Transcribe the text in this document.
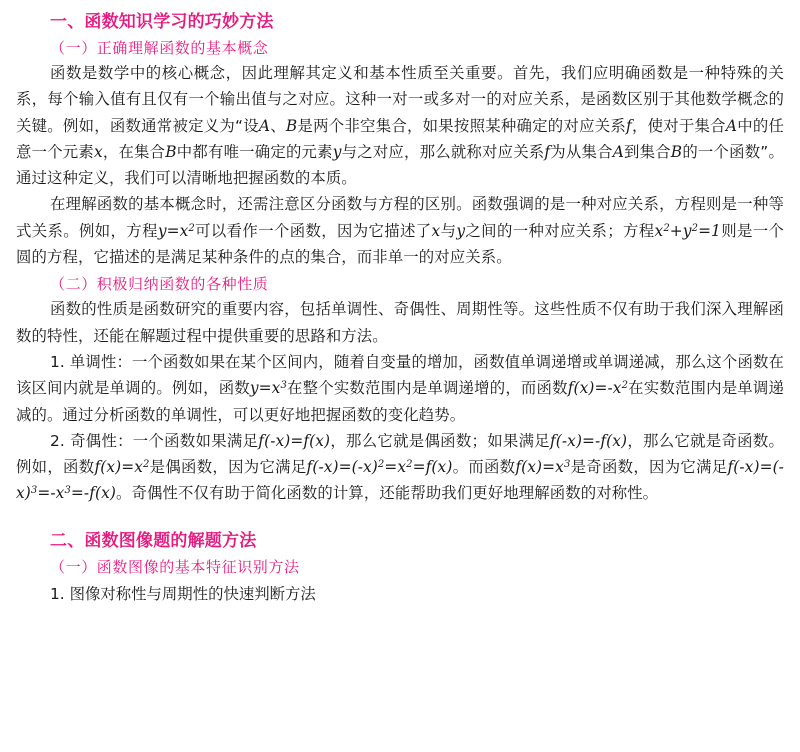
一、函数知识学习的巧妙方法
（一）正确理解函数的基本概念

函数是数学中的核心概念，因此理解其定义和基本性质至关重要。首先，我们应明确函数是一种特殊的关系，每个输入值有且仅有一个输出值与之对应。这种一对一或多对一的对应关系，是函数区别于其他数学概念的关键。例如，函数通常被定义为“设A、B是两个非空集合，如果按照某种确定的对应关系f，使对于集合A中的任意一个元素x，在集合B中都有唯一确定的元素y与之对应，那么就称对应关系f为从集合A到集合B的一个函数”。通过这种定义，我们可以清晰地把握函数的本质。

在理解函数的基本概念时，还需注意区分函数与方程的区别。函数强调的是一种对应关系，方程则是一种等式关系。例如，方程$y=x^2$可以看作一个函数，因为它描述了x与y之间的一种对应关系；方程$x^2+y^2=1$则是一个圆的方程，它描述的是满足某种条件的点的集合，而非单一的对应关系。

（二）积极归纳函数的各种性质

函数的性质是函数研究的重要内容，包括单调性、奇偶性、周期性等。这些性质不仅有助于我们深入理解函数的特性，还能在解题过程中提供重要的思路和方法。

1. 单调性：一个函数如果在某个区间内，随着自变量的增加，函数值单调递增或单调递减，那么这个函数在该区间内就是单调的。例如，函数$y=x^3$在整个实数范围内是单调递增的，而函数$f(x)=-x^2$在实数范围内是单调递减的。通过分析函数的单调性，可以更好地把握函数的变化趋势。

2. 奇偶性：一个函数如果满足f(-x)=f(x)，那么它就是偶函数；如果满足f(-x)=-f(x)，那么它就是奇函数。例如，函数$f(x)=x^2$是偶函数，因为它满足$f(-x)=(-x)^2=x^2=f(x)$。而函数$f(x)=x^3$是奇函数，因为它满足$f(-x)=(-x)^3=-x^3=-f(x)$。奇偶性不仅有助于简化函数的计算，还能帮助我们更好地理解函数的对称性。

二、函数图像题的解题方法
（一）函数图像的基本特征识别方法
1. 图像对称性与周期性的快速判断方法
